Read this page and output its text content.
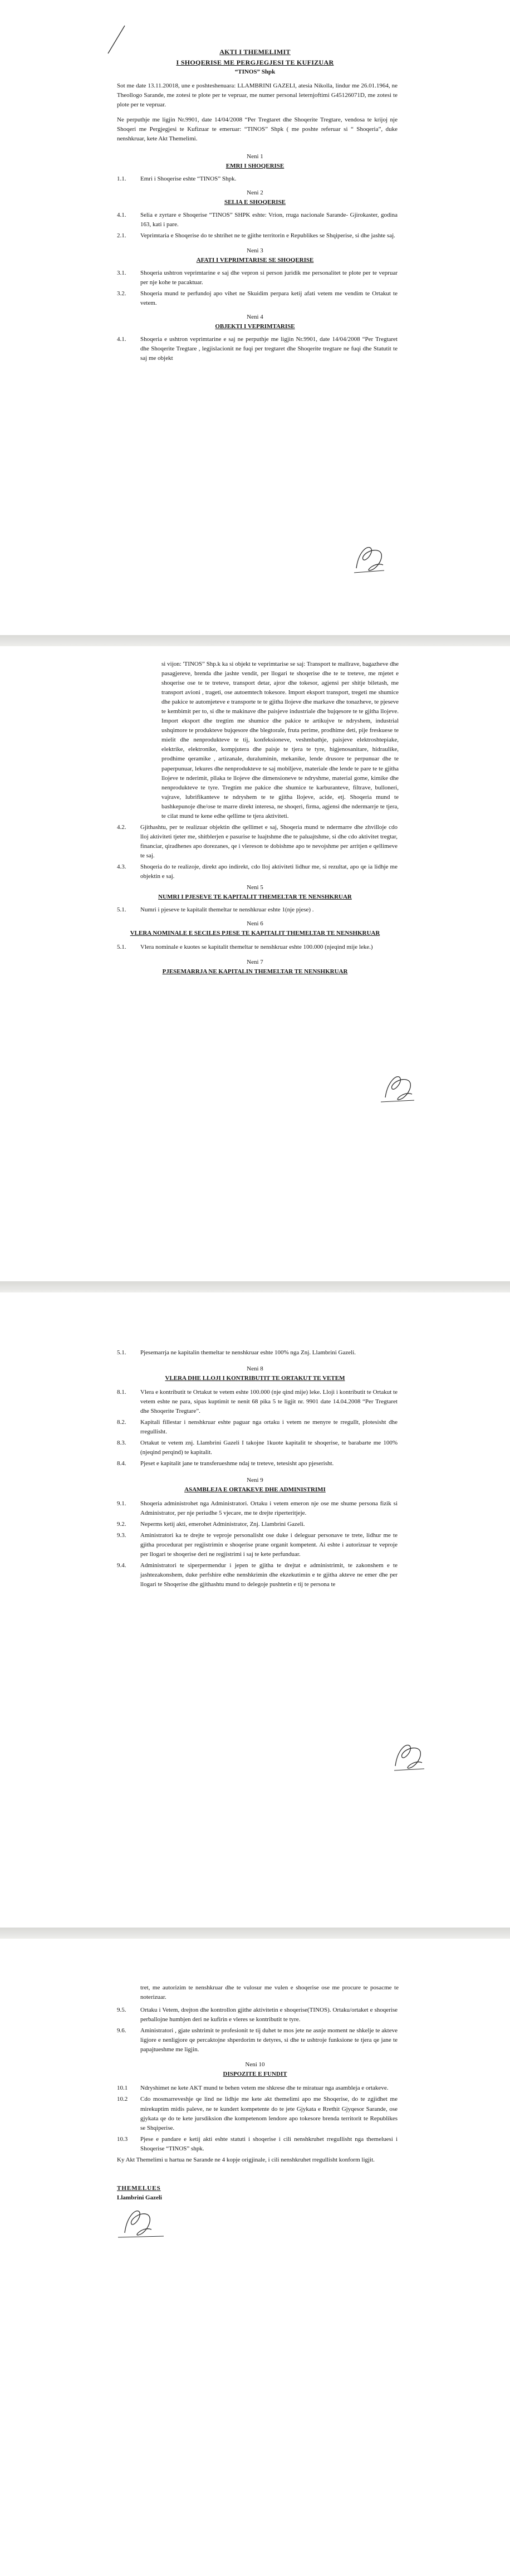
AKTI I THEMELIMIT

I SHOQERISE ME PERGJEGJESI TE KUFIZUAR

“TINOS” Shpk

Sot me date 13.11.20018, une e poshteshenuara: LLAMBRINI GAZELI, atesia Nikolla, lindur me 26.01.1964, ne Theollogo Sarande, me zotesi te plote per te vepruar, me numer personal leternjoftimi G45126071D, me zotesi te plote per te vepruar.

Ne perputhje me ligjin Nr.9901, date 14/04/2008 “Per Tregtaret dhe Shoqerite Tregtare, vendosa te krijoj nje Shoqeri me Pergjegjesi te Kufizuar te emeruar: “TINOS” Shpk ( me poshte referuar si “ Shoqeria”, duke nenshkruar, kete Akt Themelimi.

Neni 1

EMRI I SHOQERISE

1.1.	Emri i Shoqerise eshte “TINOS” Shpk.

Neni 2

SELIA E SHOQERISE

4.1.	Selia e zyrtare e Shoqerise “TINOS” SHPK eshte: Vrion, rruga nacionale Sarande- Gjirokaster, godina 163, kati i pare.
2.1.	Veprimtaria e Shoqerise do te shtrihet ne te gjithe territorin e Republikes se Shqiperise, si dhe jashte saj.

Neni 3

AFATI I VEPRIMTARISE SE SHOQERISE

3.1.	Shoqeria ushtron veprimtarine e saj dhe vepron si person juridik me personalitet te plote per te vepruar per nje kohe te pacaktuar.
3.2.	Shoqeria mund te perfundoj apo vihet ne Skuidim perpara ketij afati vetem me vendim te Ortakut te vetem.

Neni 4

OBJEKTI I VEPRIMTARISE

4.1.	Shoqeria e ushtron veprimtarine e saj ne perputhje me ligjin Nr.9901, date 14/04/2008 “Per Tregtaret dhe Shoqerite Tregtare , legjislacionit ne fuqi per tregtaret dhe Shoqerite tregtare ne fuqi dhe Statutit te saj me objekt

si vijon: 'TINOS” Shp.k ka si objekt te veprimtarise se saj: Transport te mallrave, bagazheve dhe pasagjereve, brenda dhe jashte vendit, per llogari te shoqerise dhe te te treteve, me mjetet e shoqerise ose te te treteve, transport detar, ajror dhe tokesor, agjensi per shitje biletash, me transport avioni , trageti, ose autoemtech tokesore. Import eksport transport, tregeti me shumice dhe pakice te automjeteve e transporte te te gjitha llojeve dhe markave dhe tonazheve, te pjeseve te kembimit per to, si dhe te makinave dhe paisjeve industriale dhe bujqesore te te gjitha llojeve. Import eksport dhe tregtim me shumice dhe pakice te artikujve te ndryshem, industrial ushqimore te produkteve bujqesore dhe blegtorale, fruta perime, prodhime deti, pije freskuese te mielit dhe nenprodukteve te tij, konfeksioneve, veshmbathje, paisjeve elektroshtepiake, elektrike, elektronike, kompjutera dhe paisje te tjera te tyre, higjenosanitare, hidraulike, prodhime qeramike , artizanale, duraluminin, mekanike, lende drusore te perpunuar dhe te paperpunuar, lekures dhe nenprodukteve te saj mobiljeve, materiale dhe lende te pare te te gjitha llojeve te nderimit, pllaka te llojeve dhe dimensioneve te ndryshme, material gome, kimike dhe nenprodukteve te tyre. Tregtim me pakice dhe shumice te karburanteve, filtrave, bulloneri, vajrave, lubrifikanteve te ndryshem te te gjitha llojeve, acide, etj. Shoqeria mund te bashkepunoje dhe/ose te marre direkt interesa, ne shoqeri, firma, agjensi dhe ndermarrje te tjera, te cilat mund te kene edhe qellime te tjera aktiviteti.

4.2.	Gjithashtu, per te realizuar objektin dhe qellimet e saj, Shoqeria mund te ndermarre dhe zhvilloje cdo lloj aktiviteti tjeter me, shitblerjen e pasurise te luajtshme dhe te paluajtshme, si dhe cdo aktivitet tregtar, financiar, qiradhenes apo dorezanes, qe i vlereson te dobishme apo te nevojshme per arritjen e qellimeve te saj.
4.3.	Shoqeria do te realizoje, direkt apo indirekt, cdo lloj aktiviteti lidhur me, si rezultat, apo qe ia lidhje me objektin e saj.

Neni 5

NUMRI I PJESEVE TE KAPITALIT THEMELTAR TE NENSHKRUAR

5.1.	Numri i pjeseve te kapitalit themeltar te nenshkruar eshte 1(nje pjese) .

Neni 6

VLERA NOMINALE E SECILES PJESE TE KAPITALIT THEMELTAR TE NENSHKRUAR

5.1.	Vlera nominale e kuotes se kapitalit themeltar te nenshkruar eshte 100.000 (njeqind mije leke.)

Neni 7

PJESEMARRJA NE KAPITALIN THEMELTAR TE NENSHKRUAR

5.1.	Pjesemarrja ne kapitalin themeltar te nenshkruar eshte 100% nga Znj. Llambrini Gazeli.

Neni 8

VLERA DHE LLOJI I KONTRIBUTIT TE ORTAKUT TE VETEM

8.1.	Vlera e kontributit te Ortakut te vetem eshte 100.000 (nje qind mije) leke. Lloji i kontributit te Ortakut te vetem eshte ne para, sipas kuptimit te nenit 68 pika 5 te ligjit nr. 9901 date 14.04.2008 “Per Tregtaret dhe Shoqerite Tregtare”.
8.2.	Kapitali fillestar i nenshkruar eshte paguar nga ortaku i vetem ne menyre te rregullt, plotesisht dhe rregullisht.
8.3.	Ortakut te vetem znj. Llambrini Gazeli I takojne 1kuote kapitalit te shoqerise, te barabarte me 100% (njeqind perqind) te kapitalit.
8.4.	Pjeset e kapitalit jane te transferueshme ndaj te treteve, tetesisht apo pjeserisht.

Neni 9

ASAMBLEJA E ORTAKEVE DHE ADMINISTRIMI

9.1.	Shoqeria administrohet nga Administratori. Ortaku i vetem emeron nje ose me shume persona fizik si Administrator, per nje periudhe 5 vjecare, me te drejte riperteritjeje.
9.2.	Neperms ketij akti, emerohet Administrator, Znj. Llambrini Gazeli.
9.3.	Aministratori ka te drejte te veproje personalisht ose duke i deleguar personave te trete, lidhur me te gjitha procedurat per regjistrimin e shoqerise prane organit kompetent. Ai eshte i autorizuar te veproje per llogari te shoqerise deri ne regjistrimi i saj te kete perfunduar.
9.4.	Administratori te siperpermendur i jepen te gjitha te drejtat e administrimit, te zakonshem e te jashtezakonshem, duke perfshire edhe nenshkrimin dhe ekzekutimin e te gjitha akteve ne emer dhe per llogari te Shoqerise dhe gjithashtu mund to delegoje pushtetin e tij te persona te

tret, me autorizim te nenshkruar dhe te vulosur me vulen e shoqerise ose me procure te posacme te noterizuar.

9.5.	Ortaku i Vetem, drejton dhe kontrollon gjithe aktivitetin e shoqerise(TINOS). Ortaku/ortaket e shoqerise perballojne humbjen deri ne kufirin e vleres se kontributit te tyre.
9.6.	Aministratori , gjate ushtrimit te profesionit te tij duhet te mos jete ne asnje moment ne shkelje te akteve ligjore e nenligjore qe percaktojne shperdorim te detyres, si dhe te ushtroje funksione te tjera qe jane te papajtueshme me ligjin.

Neni 10

DISPOZITE E FUNDIT

10.1	Ndryshimet ne kete AKT mund te behen vetem me shkrese dhe te miratuar nga asambleja e ortakeve.
10.2	Cdo mosmarreveshje qe lind ne lidhje me kete akt themelimi apo me Shoqerise, do te zgjidhet me mirekuptim midis paleve, ne te kundert kompetente do te jete Gjykata e Rrethit Gjyqesor Sarande, ose gjykata qe do te kete jursdiksion dhe kompetenom lendore apo tokesore brenda territorit te Republikes se Shqiperise.
10.3	Pjese e pandare e ketij akti eshte statuti i shoqerise i cili nenshkruhet rregullisht nga themeluesi i Shoqerise “TINOS” shpk.

Ky Akt Themelimi u hartua ne Sarande ne 4 kopje origjinale, i cili nenshkruhet rregullisht konform ligjit.

THEMELUES

Llambrini Gazeli
